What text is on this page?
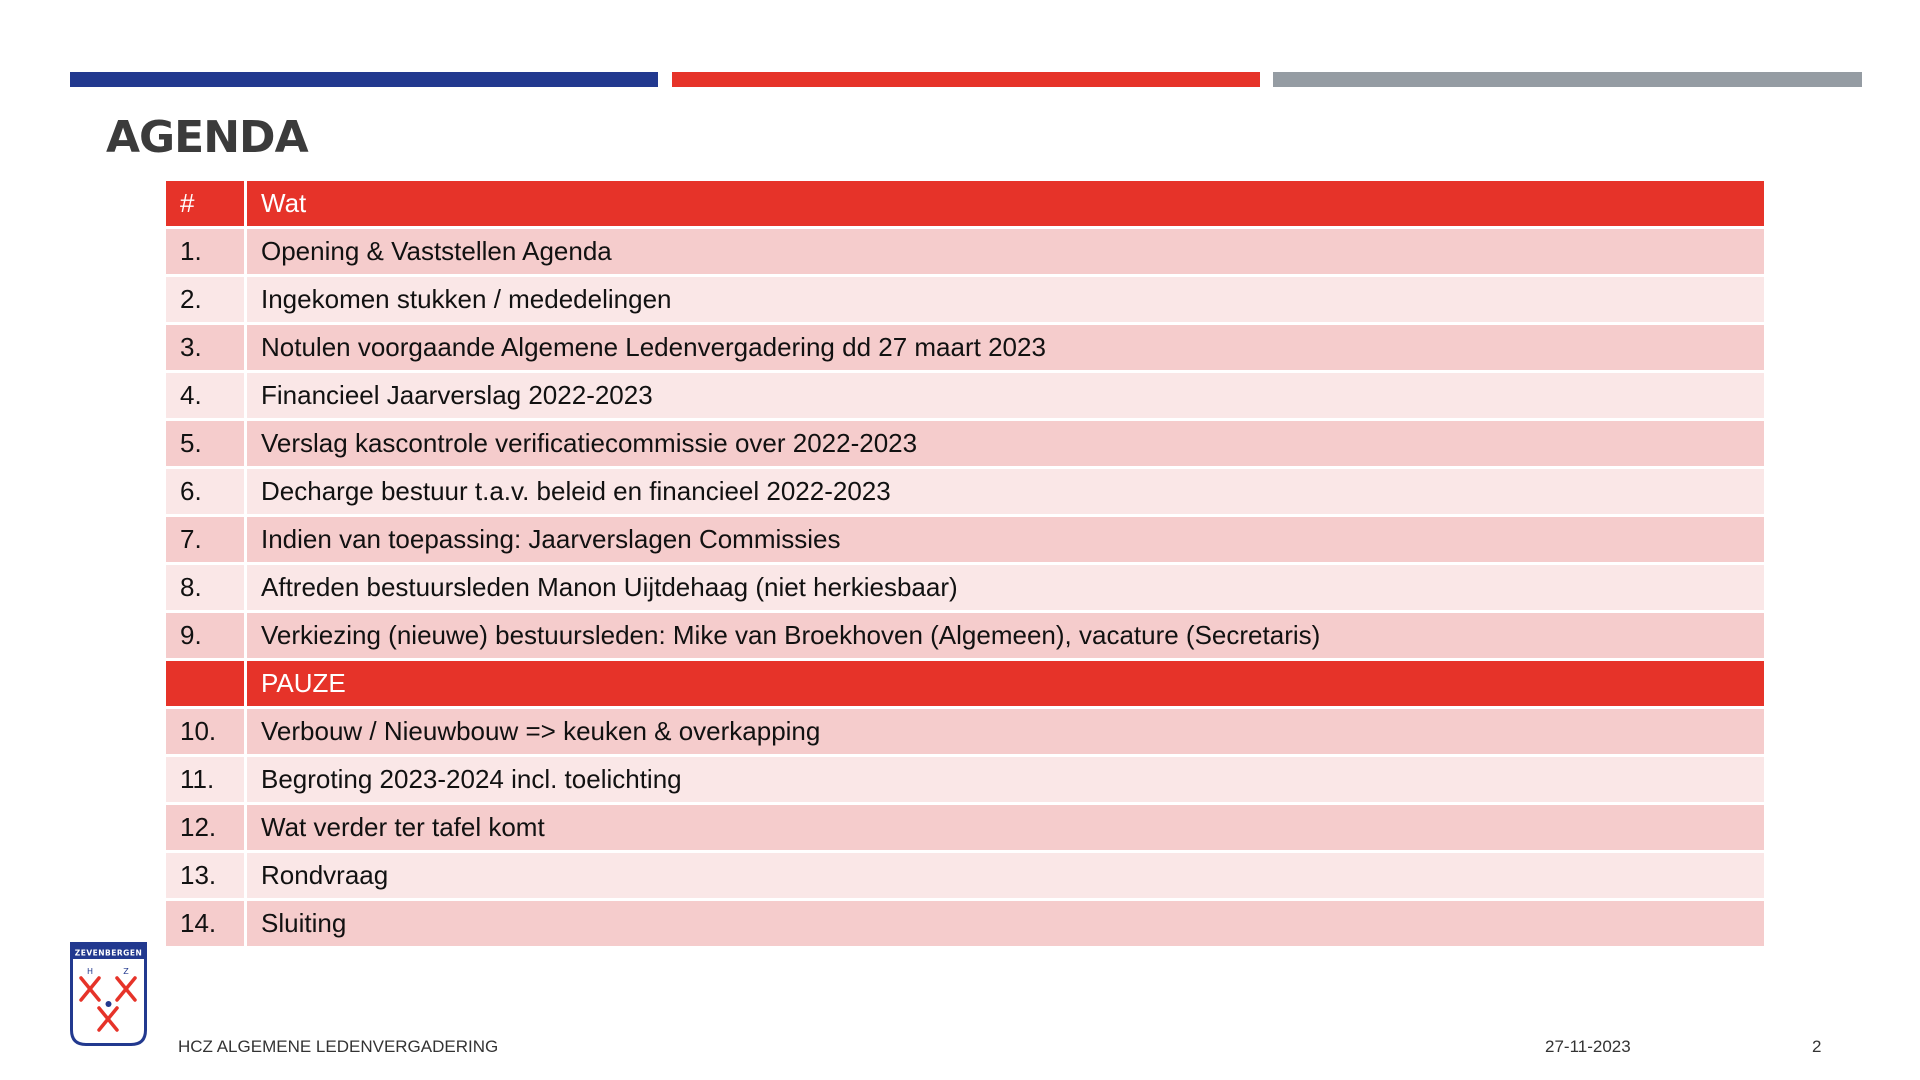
AGENDA
#	Wat
1.	Opening & Vaststellen Agenda
2.	Ingekomen stukken / mededelingen
3.	Notulen voorgaande Algemene Ledenvergadering dd 27 maart 2023
4.	Financieel Jaarverslag 2022-2023
5.	Verslag kascontrole verificatiecommissie over 2022-2023
6.	Decharge bestuur t.a.v. beleid en financieel 2022-2023
7.	Indien van toepassing: Jaarverslagen Commissies
8.	Aftreden bestuursleden Manon Uijtdehaag (niet herkiesbaar)
9.	Verkiezing (nieuwe) bestuursleden: Mike van Broekhoven (Algemeen), vacature (Secretaris)
PAUZE
10.	Verbouw / Nieuwbouw => keuken & overkapping
11.	Begroting 2023-2024 incl. toelichting
12.	Wat verder ter tafel komt
13.	Rondvraag
14.	Sluiting
ZEVENBERGEN
H	Z
HCZ ALGEMENE LEDENVERGADERING	27-11-2023	2
